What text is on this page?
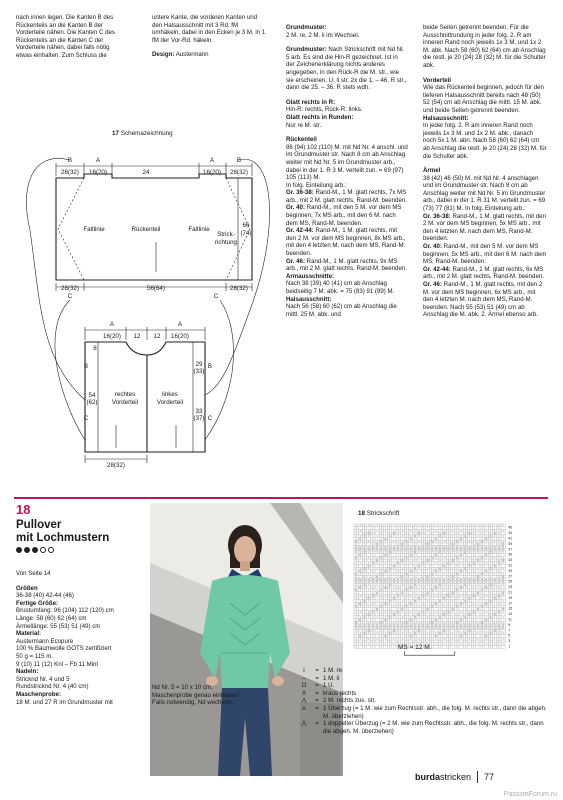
nach innen legen. Die Kanten B des Rückenteils an die Kanten B der Vorderteile nähen. Die Kanten C des Rückenteils an die Kanten C der Vorderteile nähen, dabei falls nötig etwas einhalten. Zum Schluss die

untere Kante, die vorderen Kanten und den Halsausschnitt mit 3 Rd. fM umhäkeln, dabei in den Ecken je 3 M. in 1 fM der Vor-Rd. häkeln.

Design: Austermann

17 Schemazeichnung
B	A	A	B
28(32) 16(20)	24	16(20) 28(32)
Rückenteil
Faltlinie	Faltlinie
Strick-
richtung
66
(74)
28(32)	56(64)	28(32)
C	C
A	A
16(20) 12 12 16(20)
8
B
54
(62)
C
rechtes
Vorderteil
linkes
Vorderteil
B
29
(33)
33
(37) C
28(32)

Grundmuster:
2 M. re, 2 M. li im Wechsel.

Grundmuster: Nach Strickschrift mit Nd Nr. 5 arb. Es sind die Hin-R gezeichnet. Ist in der Zeichenerklärung nichts anderes angegeben, in den Rück-R die M. str., wie sie erscheinen, U. li str. 2x die 1. – 46. R str., dann die 25. – 36. R stets wdh.

Glatt rechts in R:
Hin-R: rechts, Rück-R: links.

Glatt rechts in Runden:
Nur re M. str.

Rückenteil
86 (94) 102 (110) M. mit Nd Nr. 4 anschl. und im Grundmuster str. Nach 8 cm ab Anschlag weiter mit Nd Nr. 5 im Grundmuster arb., dabei in der 1. R 3 M. verteilt zun. = 69 (97) 105 (113) M.

In folg. Einteilung arb.:

Gr. 36-38: Rand-M., 1 M. glatt rechts, 7x MS arb., mit 2 M. glatt rechts, Rand-M. beenden.

Gr. 40: Rand-M., mit den 5 M. vor dem MS beginnen, 7x MS arb., mit den 6 M. nach dem MS, Rand-M. beenden.

Gr. 42-44: Rand-M., 1 M. glatt rechts, mit den 2 M. vor dem MS beginnen, 8x MS arb., mit den 4 letzten M. nach dem MS, Rand-M. beenden.

Gr. 46: Rand-M., 1 M. glatt rechts, 9x MS arb., mit 2 M. glatt rechts, Rand-M. beenden.

Armausschnitte:
Nach 38 (39) 40 (41) cm ab Anschlag beidseitig 7 M. abk. = 75 (83) 91 (99) M.

Halsausschnitt:
Nach 56 (58) 60 (62) cm ab Anschlag die mittl. 25 M. abk. und

beide Seiten getrennt beenden. Für die Ausschnittrundung in jeder folg. 2. R am inneren Rand noch jeweils 1x 3 M. und 1x 2 M. abk. Nach 58 (60) 62 (64) cm ab Anschlag die restl. je 20 (24) 28 (32) M. für die Schulter abk.

Vorderteil
Wie das Rückenteil beginnen, jedoch für den tieferen Halsausschnitt bereits nach 48 (50) 52 (54) cm ab Anschlag die mittl. 15 M. abk. und beide Seiten getrennt beenden.

Halsausschnitt:
In jeder folg. 2. R am inneren Rand noch jeweils 1x 3 M. und 1x 2 M. abk., danach noch 5x 1 M. abn. Nach 58 (60) 62 (64) cm ab Anschlag die restl. je 20 (24) 28 (32) M. für die Schulter abk.

Ärmel
38 (42) 46 (50) M. mit Nd Nr. 4 anschlagen und im Grundmuster str. Nach 8 cm ab Anschlag weiter mit Nd Nr. 5 im Grundmuster arb., dabei in der 1. R 31 M. verteilt zun. = 69 (73) 77 (81) M. In folg. Einteilung arb.:

Gr. 36-38: Rand-M., 1 M. glatt rechts, mit den 2 M. vor dem MS beginnen, 5x MS arb., mit den 4 letzten M. nach dem MS, Rand-M. beenden.

Gr. 40: Rand-M., mit den 5 M. vor dem MS beginnen, 5x MS arb., mit den 6 M. nach dem MS, Rand-M. beenden.

Gr. 42-44: Rand-M., 1 M. glatt rechts, 6x MS arb., mit 2 M. glatt rechts, Rand-M. beenden.

Gr. 46: Rand-M., 1 M. glatt rechts, mit den 2 M. vor dem MS beginnen, 6x MS arb., mit den 4 letzten M. nach dem MS, Rand-M. beenden. Nach 55 (53) 51 (49) cm ab Anschlag die M. abk. 2. Ärmel ebenso arb.

18
Pullover
mit Lochmustern

Von Seite 14

Größen
36-38 (40) 42-44 (46)

Fertige Größe:
Brustumfang: 96 (104) 112 (120) cm
Länge: 58 (60) 62 (64) cm
Ärmellänge: 55 (53) 51 (49) cm

Material:
Austermann Ecopure
100 % Baumwolle GOTS zertifiziert
50 g = 115 m.
9 (10) 11 (12) Knl – Fb 11 Mint

Nadeln:
Stricknd Nr. 4 und 5
Rundstricknd Nr. 4 (40 cm)

Maschenprobe:
18 M. und 27 R im Grundmuster mit

Nd Nr. 5 = 10 x 10 cm.

Maschenprobe genau einhalten!

Falls notwendig, Nd wechseln.

18 Strickschrift
45
43
41
39
37
35
33
31
29
27
25
23
21
19
17
15
13
11
9
7
5
3
1
MS = 12 M.
I	= 1 M. re
–	= 1 M. li
O	= 1 U.
X	= kraus rechts
⋀	= 2 M. rechts zus. str.
⋏	= 1 Überzug (= 1 M. wie zum Rechtsstr. abh., die folg. M. rechts str., dann die abgeh. M. überziehen)
⋀	= 1 doppelter Überzug (= 2 M. wie zum Rechtsstr. abh., die folg. M. rechts str., dann die abgeh. M. überziehen)
burdastricken 77
PassionForum.ru
